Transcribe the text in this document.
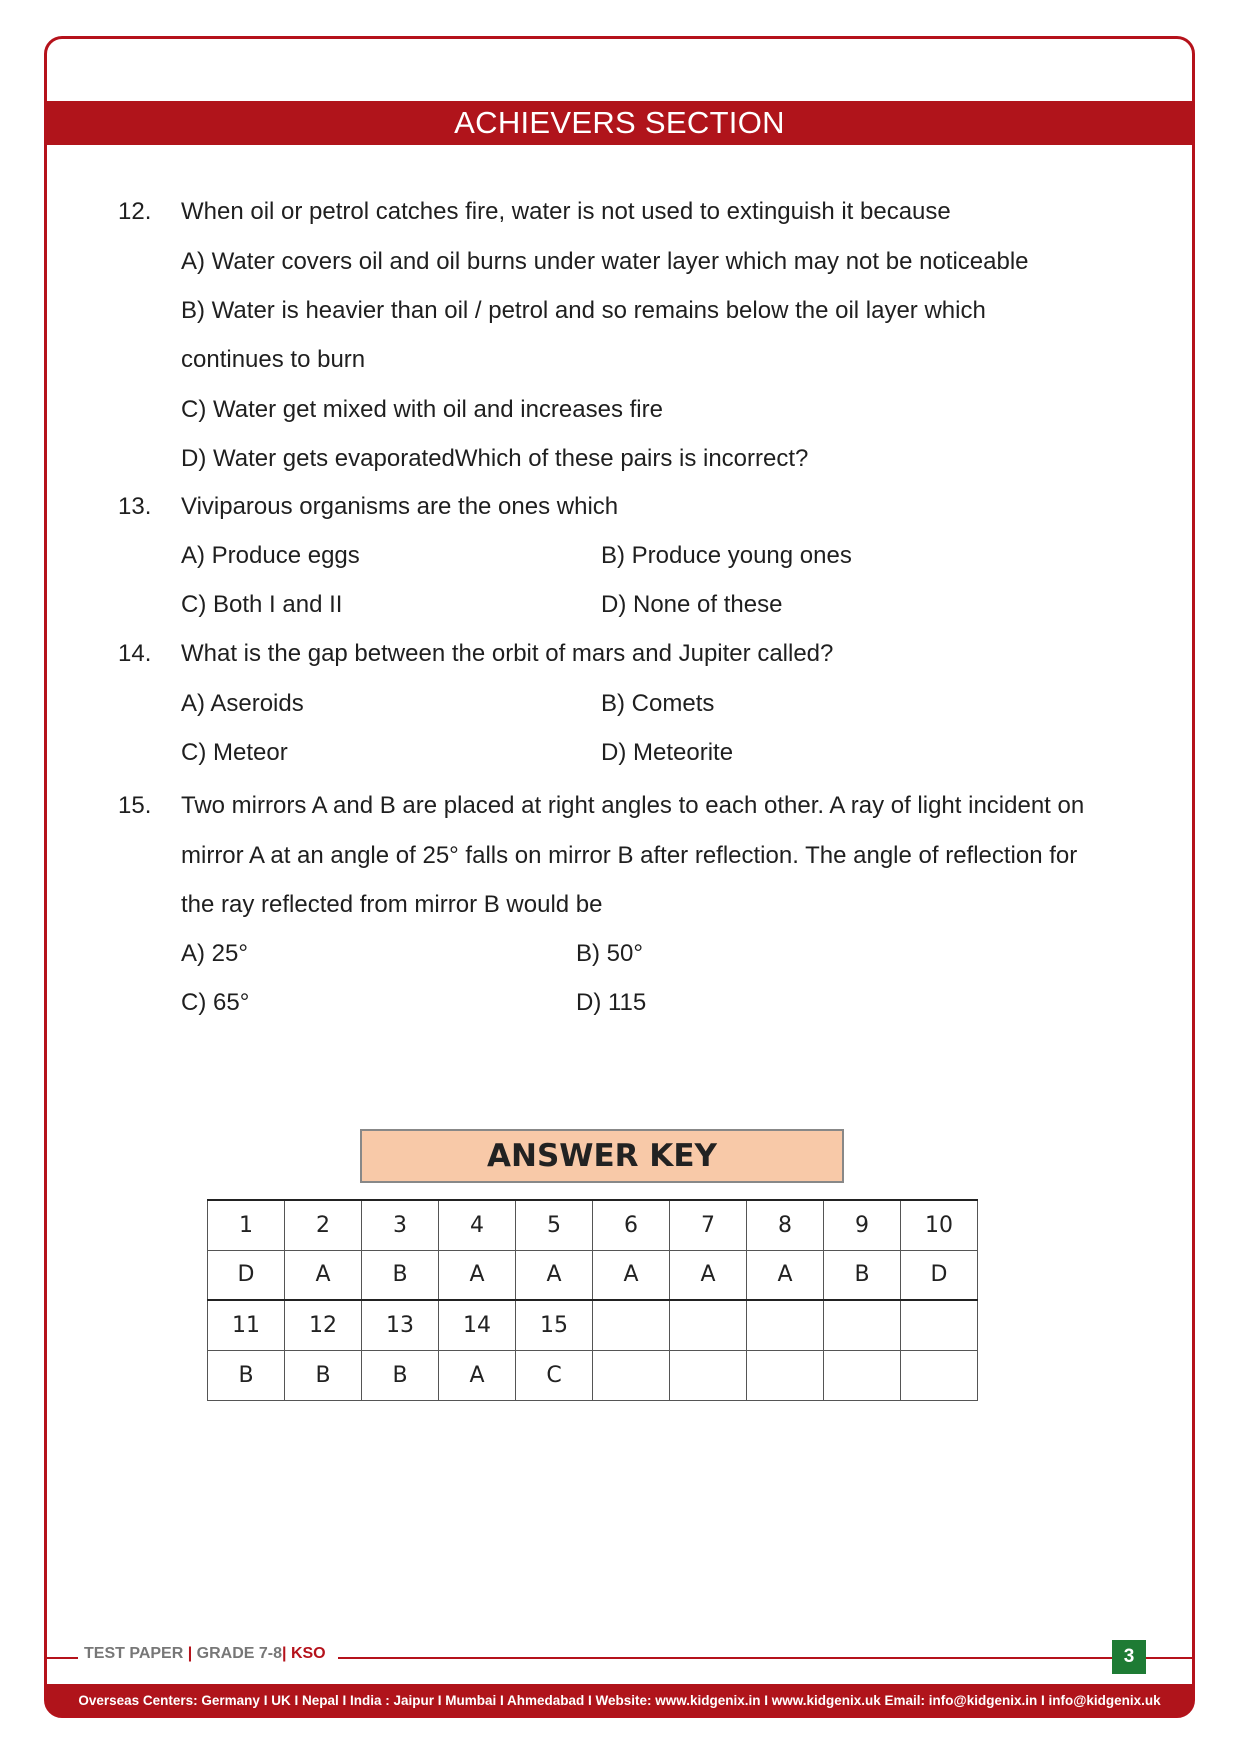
ACHIEVERS SECTION
12. When oil or petrol catches fire, water is not used to extinguish it because
A) Water covers oil and oil burns under water layer which may not be noticeable
B) Water is heavier than oil / petrol and so remains below the oil layer which
continues to burn
C) Water get mixed with oil and increases fire
D) Water gets evaporatedWhich of these pairs is incorrect?
13. Viviparous organisms are the ones which
A) Produce eggs	B) Produce young ones
C) Both I and II	D) None of these
14. What is the gap between the orbit of mars and Jupiter called?
A) Aseroids	B) Comets
C) Meteor	D) Meteorite
15. Two mirrors A and B are placed at right angles to each other. A ray of light incident on
mirror A at an angle of 25° falls on mirror B after reflection. The angle of reflection for
the ray reflected from mirror B would be
A) 25°	B) 50°
C) 65°	D) 115
ANSWER KEY
1	2	3	4	5	6	7	8	9	10
D	A	B	A	A	A	A	A	B	D
11	12	13	14	15					
B	B	B	A	C					
TEST PAPER | GRADE 7-8| KSO	3
Overseas Centers: Germany I UK I Nepal I India : Jaipur I Mumbai I Ahmedabad I Website: www.kidgenix.in I www.kidgenix.uk Email: info@kidgenix.in I info@kidgenix.uk
